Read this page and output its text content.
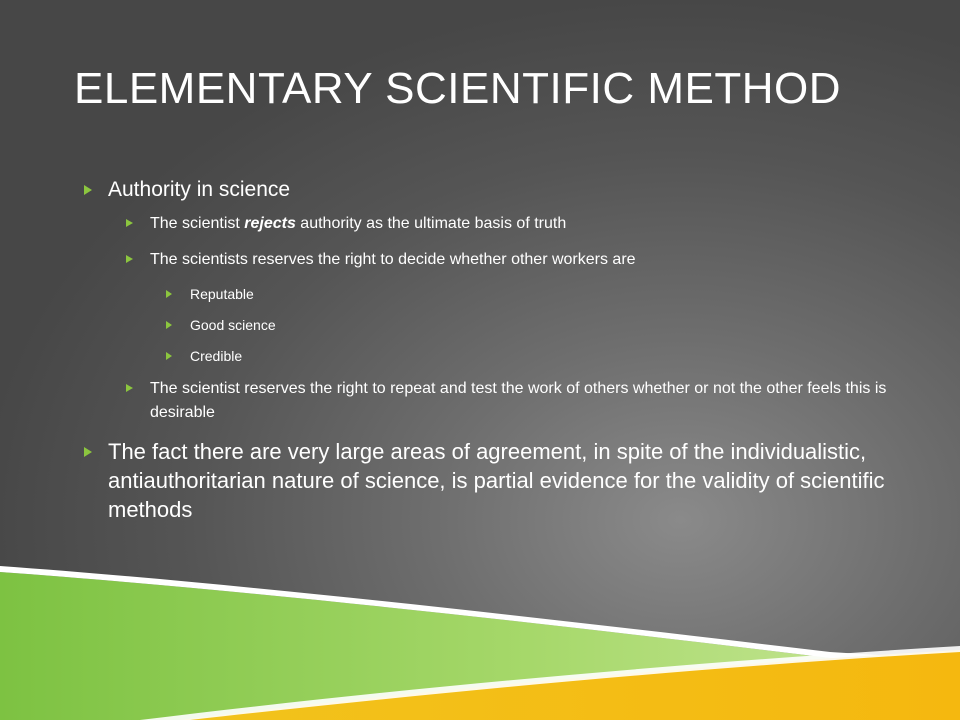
ELEMENTARY SCIENTIFIC METHOD
Authority in science
The scientist rejects authority as the ultimate basis of truth
The scientists reserves the right to decide whether other workers are
Reputable
Good science
Credible
The scientist reserves the right to repeat and test the work of others whether or not the other feels this is desirable
The fact there are very large areas of agreement, in spite of the individualistic, antiauthoritarian nature of science, is partial evidence for the validity of scientific methods
